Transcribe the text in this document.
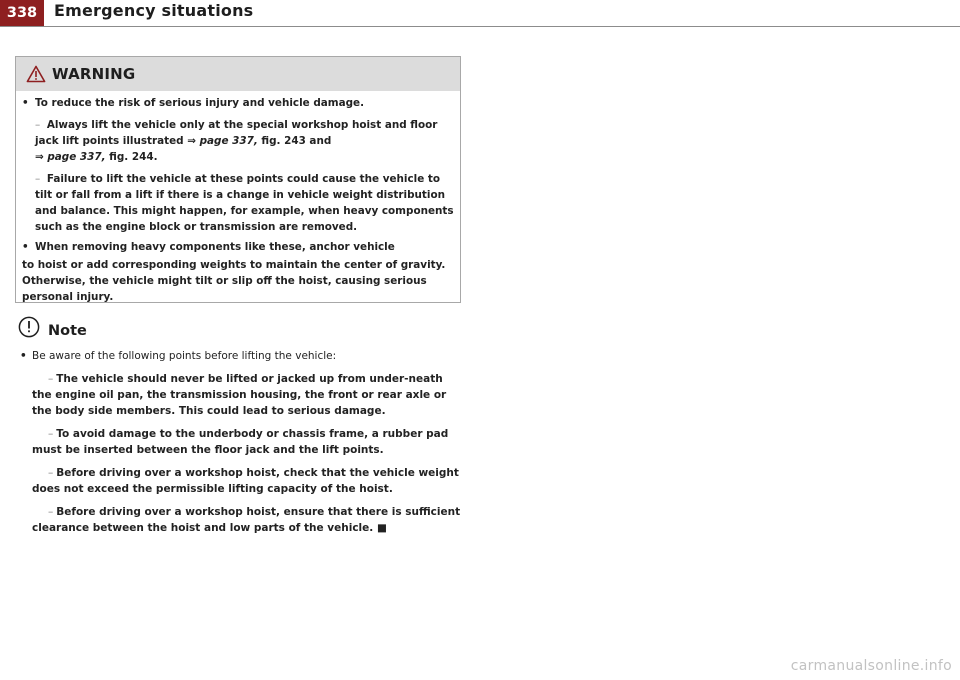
338	Emergency situations
WARNING
• To reduce the risk of serious injury and vehicle damage.
– Always lift the vehicle only at the special workshop hoist and floor jack lift points illustrated ⇒ page 337, fig. 243 and
⇒ page 337, fig. 244.
– Failure to lift the vehicle at these points could cause the vehicle to tilt or fall from a lift if there is a change in vehicle weight distribution and balance. This might happen, for example, when heavy components such as the engine block or transmission are removed.
• When removing heavy components like these, anchor vehicle
to hoist or add corresponding weights to maintain the center of gravity. Otherwise, the vehicle might tilt or slip off the hoist, causing serious personal injury.
Note
• Be aware of the following points before lifting the vehicle:
– The vehicle should never be lifted or jacked up from under-neath the engine oil pan, the transmission housing, the front or rear axle or the body side members. This could lead to serious damage.
– To avoid damage to the underbody or chassis frame, a rubber pad must be inserted between the floor jack and the lift points.
– Before driving over a workshop hoist, check that the vehicle weight does not exceed the permissible lifting capacity of the hoist.
– Before driving over a workshop hoist, ensure that there is sufficient clearance between the hoist and low parts of the vehicle. ■
carmanualsonline.info
